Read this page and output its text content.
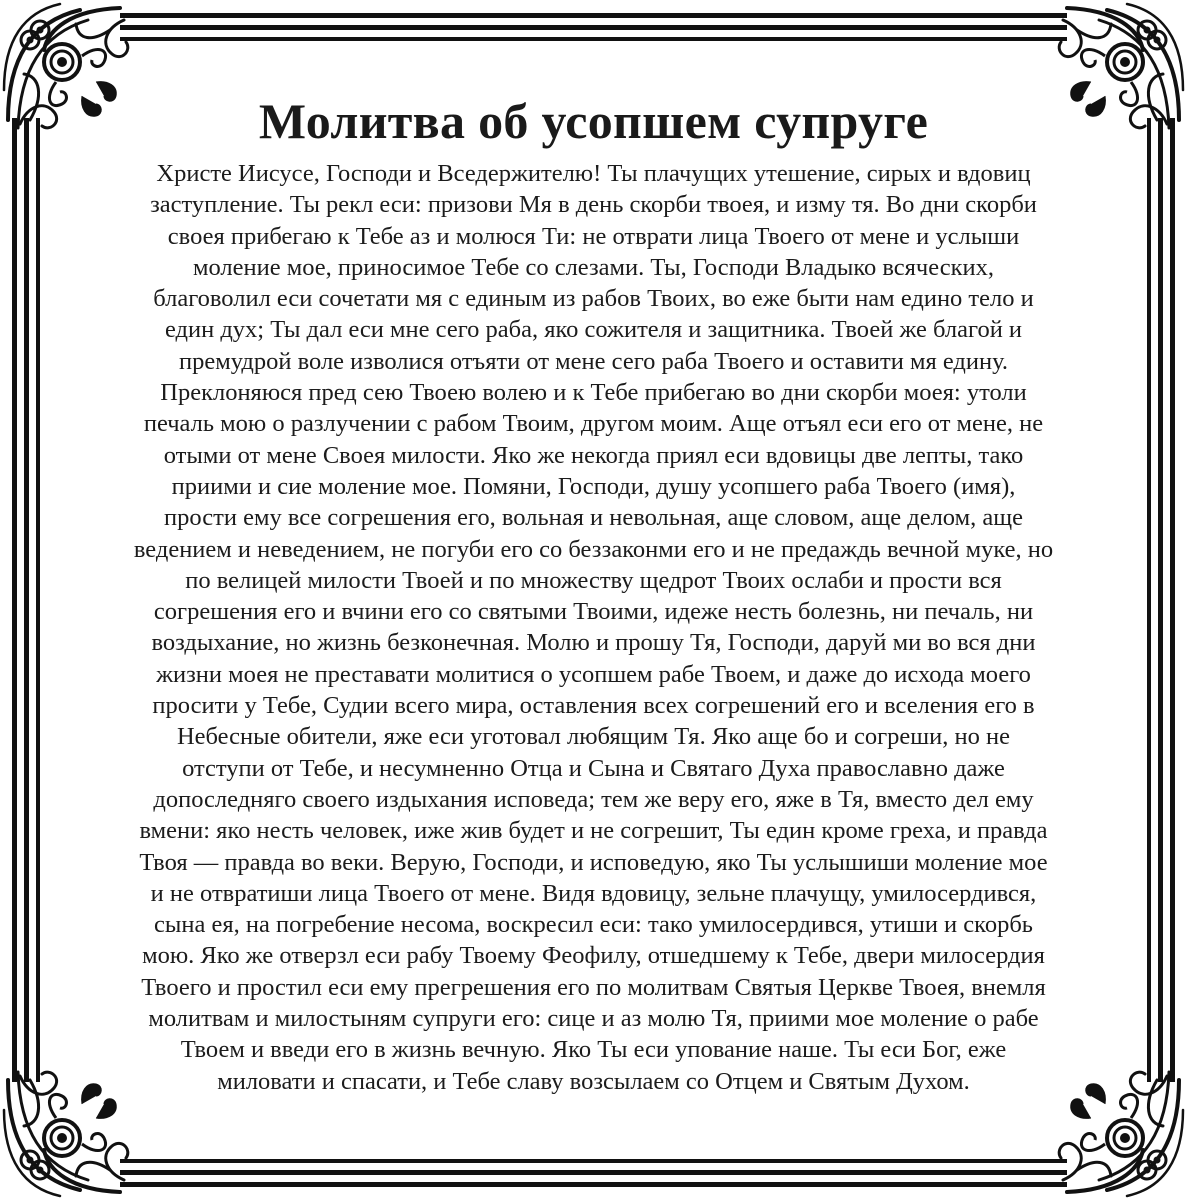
Молитва об усопшем супруге
Христе Иисусе, Господи и Вседержителю! Ты плачущих утешение, сирых и вдовиц
заступление. Ты рекл еси: призови Мя в день скорби твоея, и изму тя. Во дни скорби
своея прибегаю к Тебе аз и молюся Ти: не отврати лица Твоего от мене и услыши
моление мое, приносимое Тебе со слезами. Ты, Господи Владыко всяческих,
благоволил еси сочетати мя с единым из рабов Твоих, во еже быти нам едино тело и
един дух; Ты дал еси мне сего раба, яко сожителя и защитника. Твоей же благой и
премудрой воле изволися отъяти от мене сего раба Твоего и оставити мя едину.
Преклоняюся пред сею Твоею волею и к Тебе прибегаю во дни скорби моея: утоли
печаль мою о разлучении с рабом Твоим, другом моим. Аще отъял еси его от мене, не
отыми от мене Своея милости. Яко же некогда приял еси вдовицы две лепты, тако
приими и сие моление мое. Помяни, Господи, душу усопшего раба Твоего (имя),
прости ему все согрешения его, вольная и невольная, аще словом, аще делом, аще
ведением и неведением, не погуби его со беззаконми его и не предаждь вечной муке, но
по велицей милости Твоей и по множеству щедрот Твоих ослаби и прости вся
согрешения его и вчини его со святыми Твоими, идеже несть болезнь, ни печаль, ни
воздыхание, но жизнь безконечная. Молю и прошу Тя, Господи, даруй ми во вся дни
жизни моея не преставати молитися о усопшем рабе Твоем, и даже до исхода моего
просити у Тебе, Судии всего мира, оставления всех согрешений его и вселения его в
Небесные обители, яже еси уготовал любящим Тя. Яко аще бо и согреши, но не
отступи от Тебе, и несумненно Отца и Сына и Святаго Духа православно даже
допоследняго своего издыхания исповеда; тем же веру его, яже в Тя, вместо дел ему
вмени: яко несть человек, иже жив будет и не согрешит, Ты един кроме греха, и правда
Твоя — правда во веки. Верую, Господи, и исповедую, яко Ты услышиши моление мое
и не отвратиши лица Твоего от мене. Видя вдовицу, зельне плачущу, умилосердився,
сына ея, на погребение несома, воскресил еси: тако умилосердився, утиши и скорбь
мою. Яко же отверзл еси рабу Твоему Феофилу, отшедшему к Тебе, двери милосердия
Твоего и простил еси ему прегрешения его по молитвам Святыя Церкве Твоея, внемля
молитвам и милостыням супруги его: сице и аз молю Тя, приими мое моление о рабе
Твоем и введи его в жизнь вечную. Яко Ты еси упование наше. Ты еси Бог, еже
миловати и спасати, и Тебе славу возсылаем со Отцем и Святым Духом.
